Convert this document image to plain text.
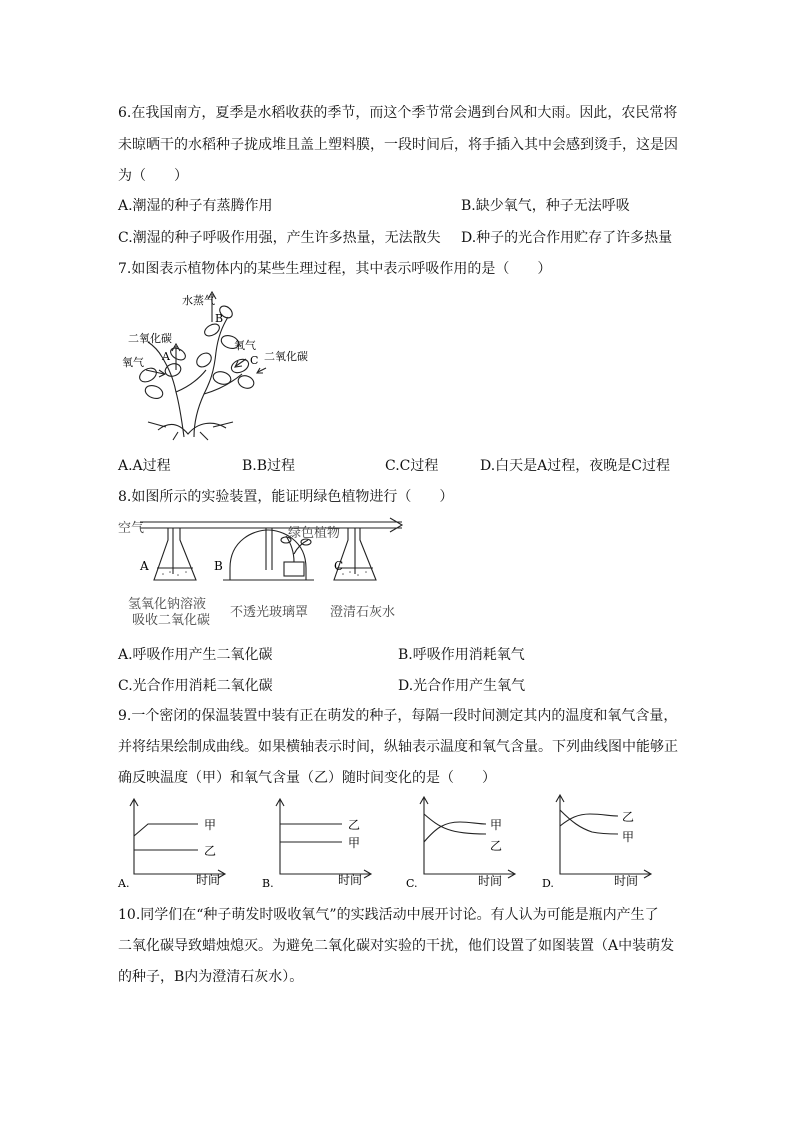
6.在我国南方，夏季是水稻收获的季节，而这个季节常会遇到台风和大雨。因此，农民常将
未晾晒干的水稻种子拢成堆且盖上塑料膜，一段时间后，将手插入其中会感到烫手，这是因
为（　　）
A.潮湿的种子有蒸腾作用	B.缺少氧气，种子无法呼吸
C.潮湿的种子呼吸作用强，产生许多热量，无法散失 D.种子的光合作用贮存了许多热量
7.如图表示植物体内的某些生理过程，其中表示呼吸作用的是（　　）
水蒸气
B
二氧化碳
A
氧气
氧气
C 二氧化碳
A.A过程	B.B过程	C.C过程	D.白天是A过程，夜晚是C过程
8.如图所示的实验装置，能证明绿色植物进行（　　）
空气
A	B	C
绿色植物
氢氧化钠溶液
吸收二氧化碳
不透光玻璃罩 澄清石灰水
A.呼吸作用产生二氧化碳	B.呼吸作用消耗氧气
C.光合作用消耗二氧化碳	D.光合作用产生氧气
9.一个密闭的保温装置中装有正在萌发的种子，每隔一段时间测定其内的温度和氧气含量，
并将结果绘制成曲线。如果横轴表示时间，纵轴表示温度和氧气含量。下列曲线图中能够正
确反映温度（甲）和氧气含量（乙）随时间变化的是（　　）
甲
乙
A.	时间
乙
甲
B.	时间
甲
乙
C.	时间
乙
甲
D.	时间
10.同学们在“种子萌发时吸收氧气”的实践活动中展开讨论。有人认为可能是瓶内产生了
二氧化碳导致蜡烛熄灭。为避免二氧化碳对实验的干扰，他们设置了如图装置（A中装萌发
的种子，B内为澄清石灰水）。
